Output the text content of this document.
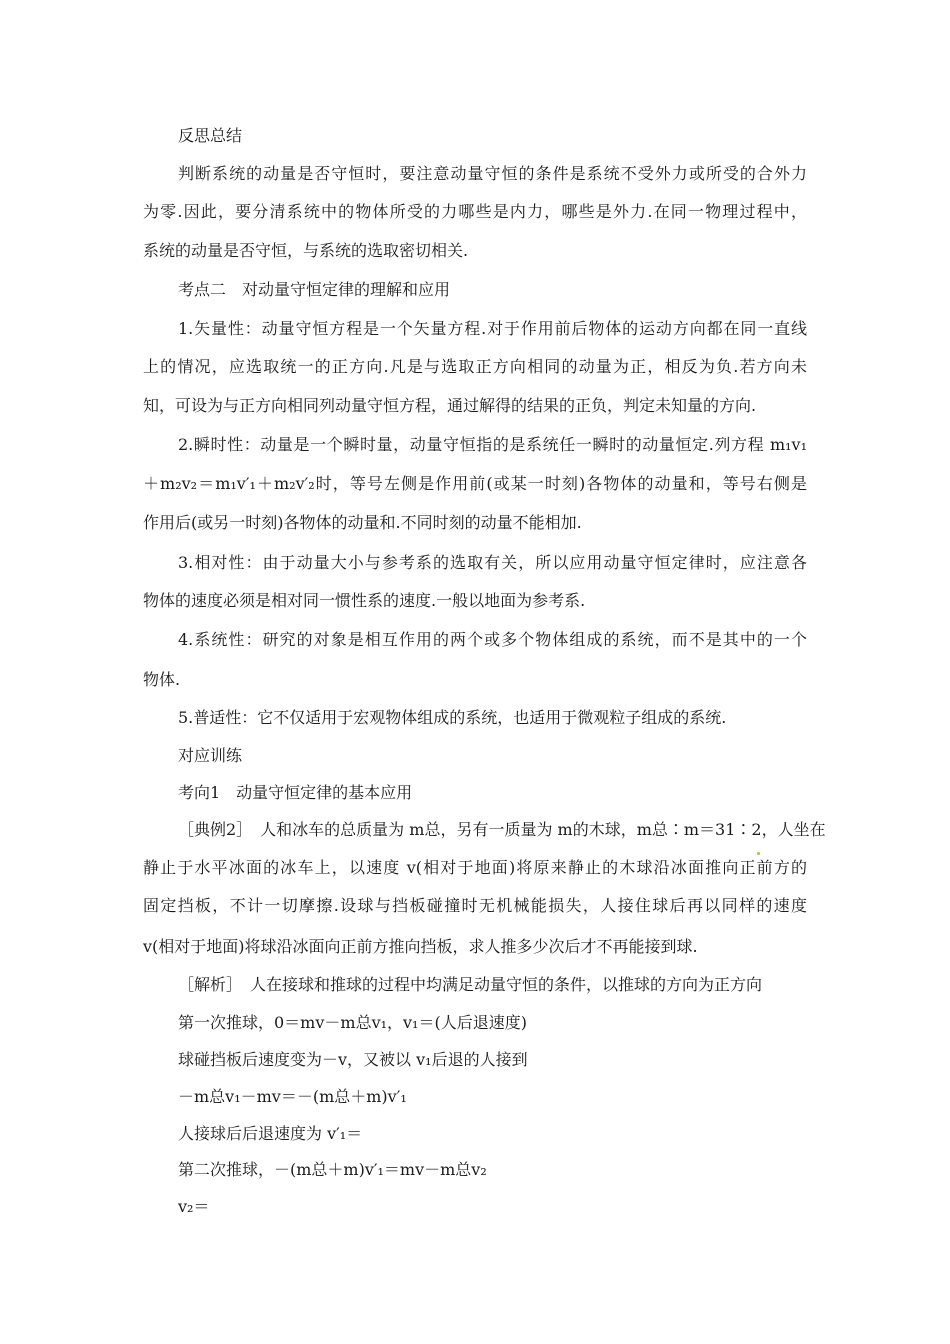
反思总结
判断系统的动量是否守恒时，要注意动量守恒的条件是系统不受外力或所受的合外力
为零.因此，要分清系统中的物体所受的力哪些是内力，哪些是外力.在同一物理过程中，
系统的动量是否守恒，与系统的选取密切相关.
考点二　对动量守恒定律的理解和应用
1.矢量性：动量守恒方程是一个矢量方程.对于作用前后物体的运动方向都在同一直线
上的情况，应选取统一的正方向.凡是与选取正方向相同的动量为正，相反为负.若方向未
知，可设为与正方向相同列动量守恒方程，通过解得的结果的正负，判定未知量的方向.
2.瞬时性：动量是一个瞬时量，动量守恒指的是系统任一瞬时的动量恒定.列方程 m₁v₁
＋m₂v₂＝m₁v′₁＋m₂v′₂时，等号左侧是作用前(或某一时刻)各物体的动量和，等号右侧是
作用后(或另一时刻)各物体的动量和.不同时刻的动量不能相加.
3.相对性：由于动量大小与参考系的选取有关，所以应用动量守恒定律时，应注意各
物体的速度必须是相对同一惯性系的速度.一般以地面为参考系.
4.系统性：研究的对象是相互作用的两个或多个物体组成的系统，而不是其中的一个
物体.
5.普适性：它不仅适用于宏观物体组成的系统，也适用于微观粒子组成的系统.
对应训练
考向1　动量守恒定律的基本应用
［典例2］　人和冰车的总质量为 m总，另有一质量为 m的木球，m总∶m＝31∶2，人坐在
静止于水平冰面的冰车上，以速度 v(相对于地面)将原来静止的木球沿冰面推向正前方的
固定挡板，不计一切摩擦.设球与挡板碰撞时无机械能损失，人接住球后再以同样的速度
v(相对于地面)将球沿冰面向正前方推向挡板，求人推多少次后才不再能接到球.
［解析］　人在接球和推球的过程中均满足动量守恒的条件，以推球的方向为正方向
第一次推球，0＝mv－m总v₁，v₁＝(人后退速度)
球碰挡板后速度变为－v，又被以 v₁后退的人接到
－m总v₁－mv＝－(m总＋m)v′₁
人接球后后退速度为 v′₁＝
第二次推球，－(m总＋m)v′₁＝mv－m总v₂
v₂＝
